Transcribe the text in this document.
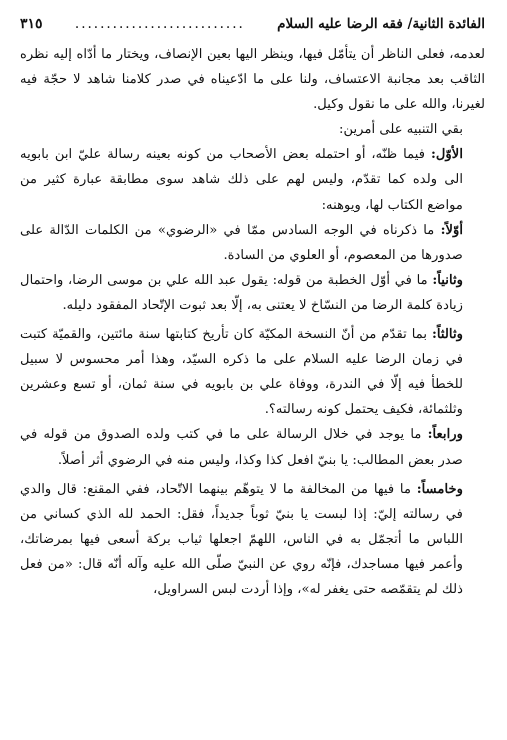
الفائدة الثانية/ فقه الرضا عليه السلام
...........................
٣١٥

لعدمه، فعلى الناظر أن يتأمّل فيها، وينظر اليها بعين الإنصاف، ويختار ما أدّاه إليه نظره الثاقب بعد مجانبة الاعتساف، ولنا على ما ادّعيناه في صدر كلامنا شاهد لا حجّة فيه لغيرنا، والله على ما نقول وكيل.

بقي التنبيه على أمرين:

الأوّل: فيما ظنّه، أو احتمله بعض الأصحاب من كونه بعينه رسالة عليّ ابن بابويه الى ولده كما تقدّم، وليس لهم على ذلك شاهد سوى مطابقة عبارة كثير من مواضع الكتاب لها، ويوهنه:

أوّلاً: ما ذكرناه في الوجه السادس ممّا في «الرضوي» من الكلمات الدّالة على صدورها من المعصوم، أو العلوي من السادة.

وثانياً: ما في أوّل الخطبة من قوله: يقول عبد الله علي بن موسى الرضا، واحتمال زيادة كلمة الرضا من النسّاخ لا يعتنى به، إلّا بعد ثبوت الإتّحاد المفقود دليله.

وثالثاً: بما تقدّم من أنّ النسخة المكيّة كان تأريخ كتابتها سنة مائتين، والقميّة كتبت في زمان الرضا عليه السلام على ما ذكره السيّد، وهذا أمر محسوس لا سبيل للخطأ فيه إلّا في الندرة، ووفاة علي بن بابويه في سنة ثمان، أو تسع وعشرين وثلثمائة، فكيف يحتمل كونه رسالته؟.

ورابعاً: ما يوجد في خلال الرسالة على ما في كتب ولده الصدوق من قوله في صدر بعض المطالب: يا بنيّ افعل كذا وكذا، وليس منه في الرضوي أثر أصلاً.

وخامساً: ما فيها من المخالفة ما لا يتوهّم بينهما الاتّحاد، ففي المقنع: قال والدي في رسالته إليّ: إذا لبست يا بنيّ ثوباً جديداً، فقل: الحمد لله الذي كساني من اللباس ما أتجمّل به في الناس، اللهمّ اجعلها ثياب بركة أسعى فيها بمرضاتك، وأعمر فيها مساجدك، فإنّه روي عن النبيّ صلّى الله عليه وآله أنّه قال: «من فعل ذلك لم يتقمّصه حتى يغفر له»، وإذا أردت لبس السراويل،
